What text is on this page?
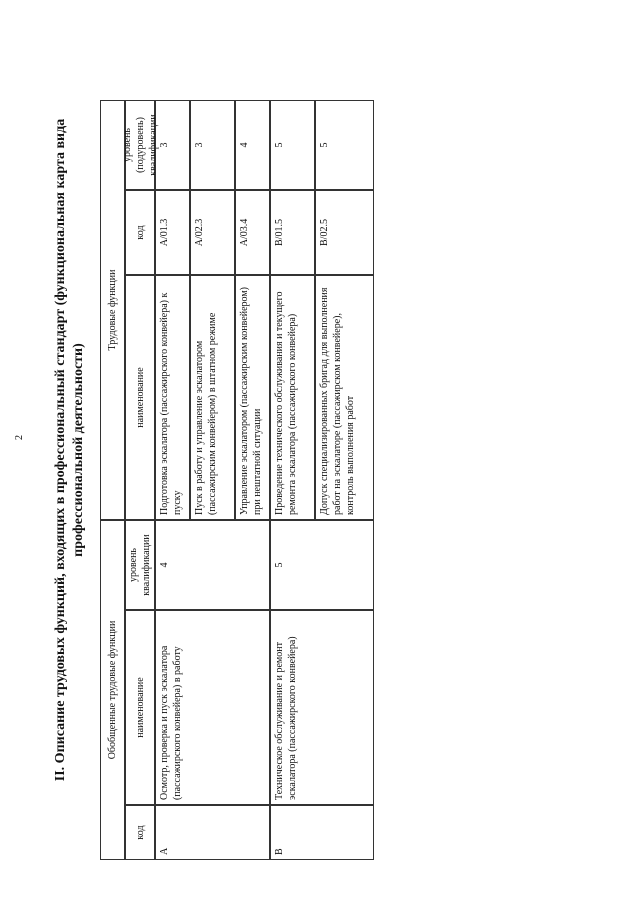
2 II. Описание трудовых функций, входящих в профессиональный стандарт (функциональная карта вида профессиональной деятельности)
Обобщенные трудовые функции
Трудовые функции
код
наименование
уровень квалификации
наименование
код
уровень (подуровень) квалификации
A
Осмотр, проверка и пуск эскалатора (пассажирского конвейера) в работу
4
Подготовка эскалатора (пассажирского конвейера) к пуску
A/01.3
3
Пуск в работу и управление эскалатором (пассажирским конвейером) в штатном режиме
A/02.3
3
Управление эскалатором (пассажирским конвейером) при нештатной ситуации
A/03.4
4
B
Техническое обслуживание и ремонт эскалатора (пассажирского конвейера)
5
Проведение технического обслуживания и текущего ремонта эскалатора (пассажирского конвейера)
B/01.5
5
Допуск специализированных бригад для выполнения работ на эскалаторе (пассажирском конвейере), контроль выполнения работ
B/02.5
5
